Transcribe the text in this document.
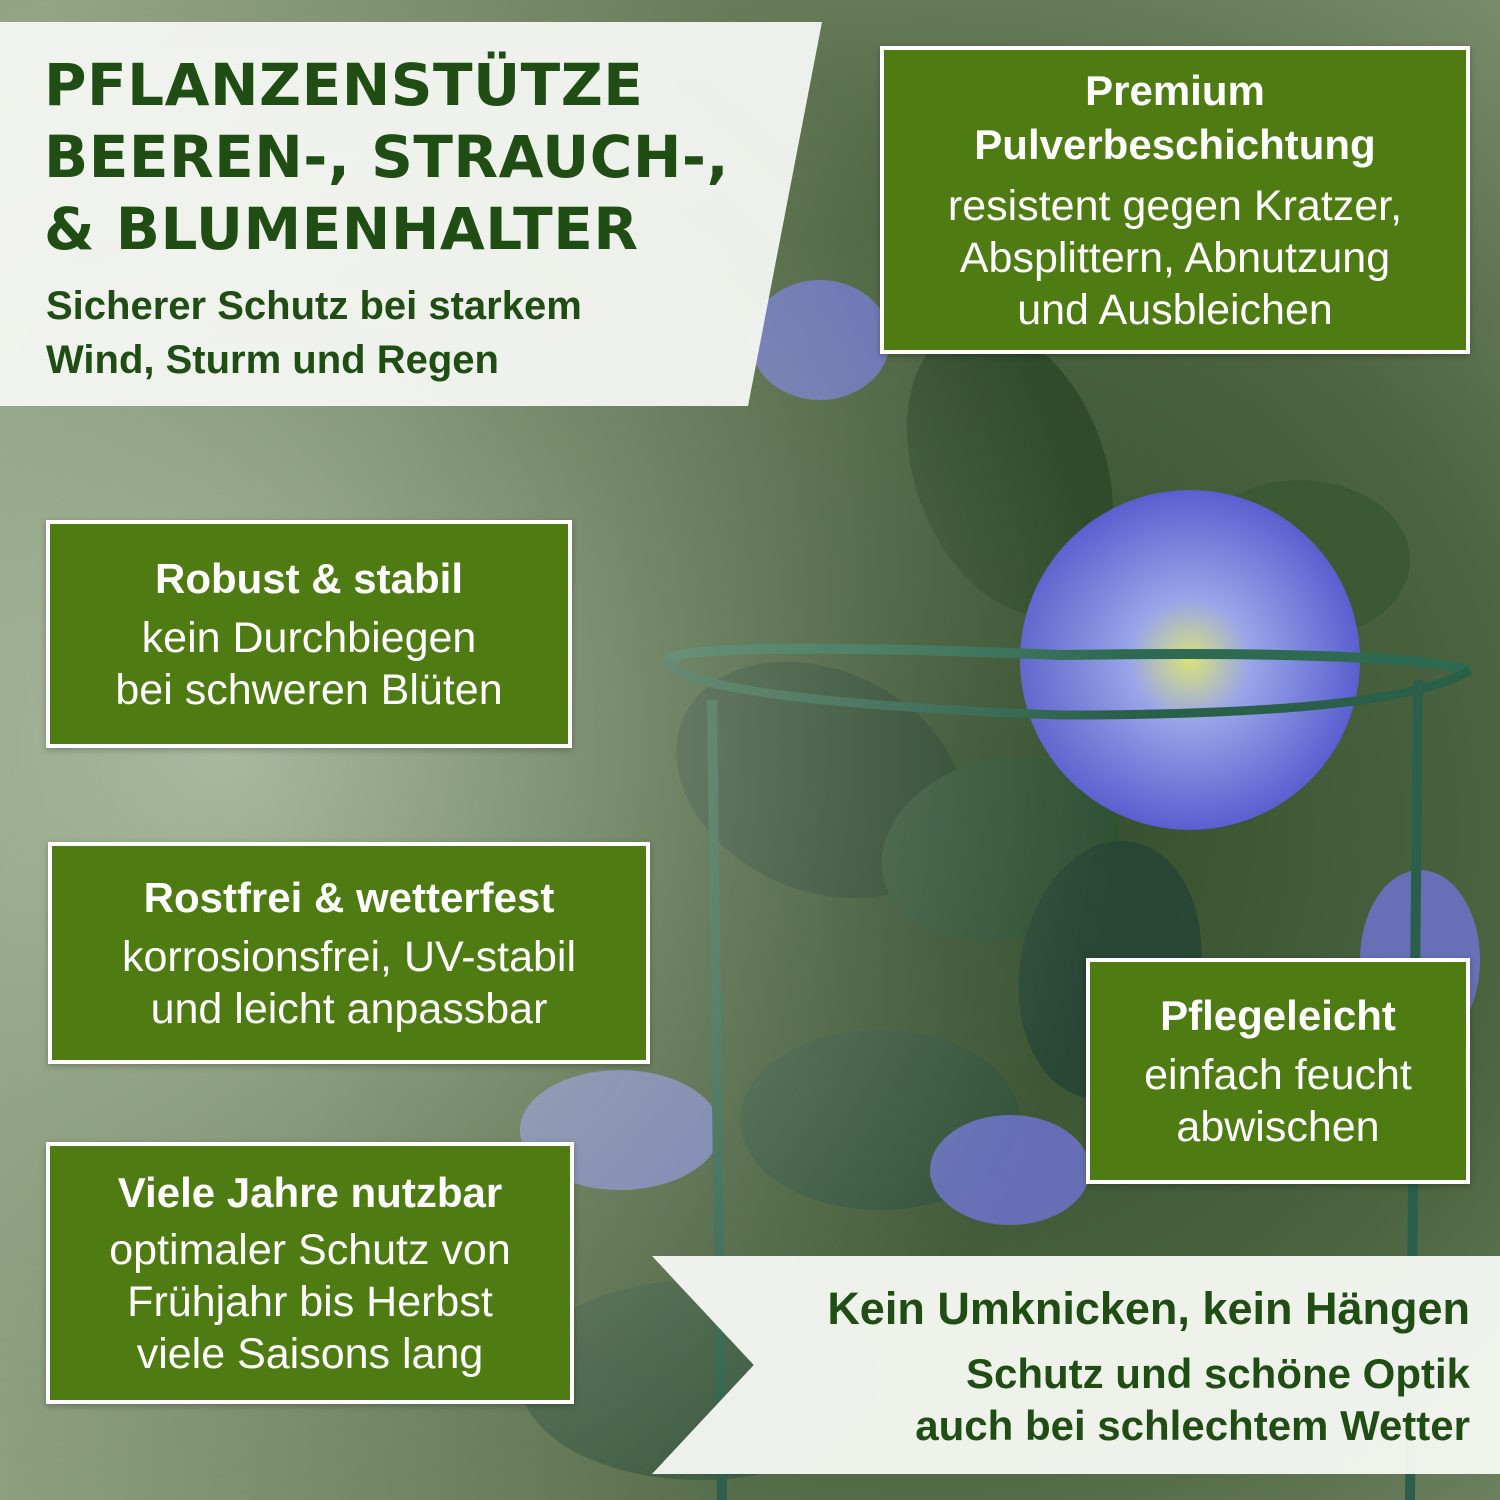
PFLANZENSTÜTZE
BEEREN-, STRAUCH-,
& BLUMENHALTER

Sicherer Schutz bei starkem

Wind, Sturm und Regen

Premium
Pulverbeschichtung
resistent gegen Kratzer,
Absplittern, Abnutzung
und Ausbleichen
Robust & stabil
kein Durchbiegen
bei schweren Blüten
Rostfrei & wetterfest
korrosionsfrei, UV-stabil
und leicht anpassbar	Pflegeleicht
einfach feucht
abwischen
Viele Jahre nutzbar
optimaler Schutz von
Frühjahr bis Herbst
viele Saisons lang

Kein Umknicken, kein Hängen

Schutz und schöne Optik

auch bei schlechtem Wetter
